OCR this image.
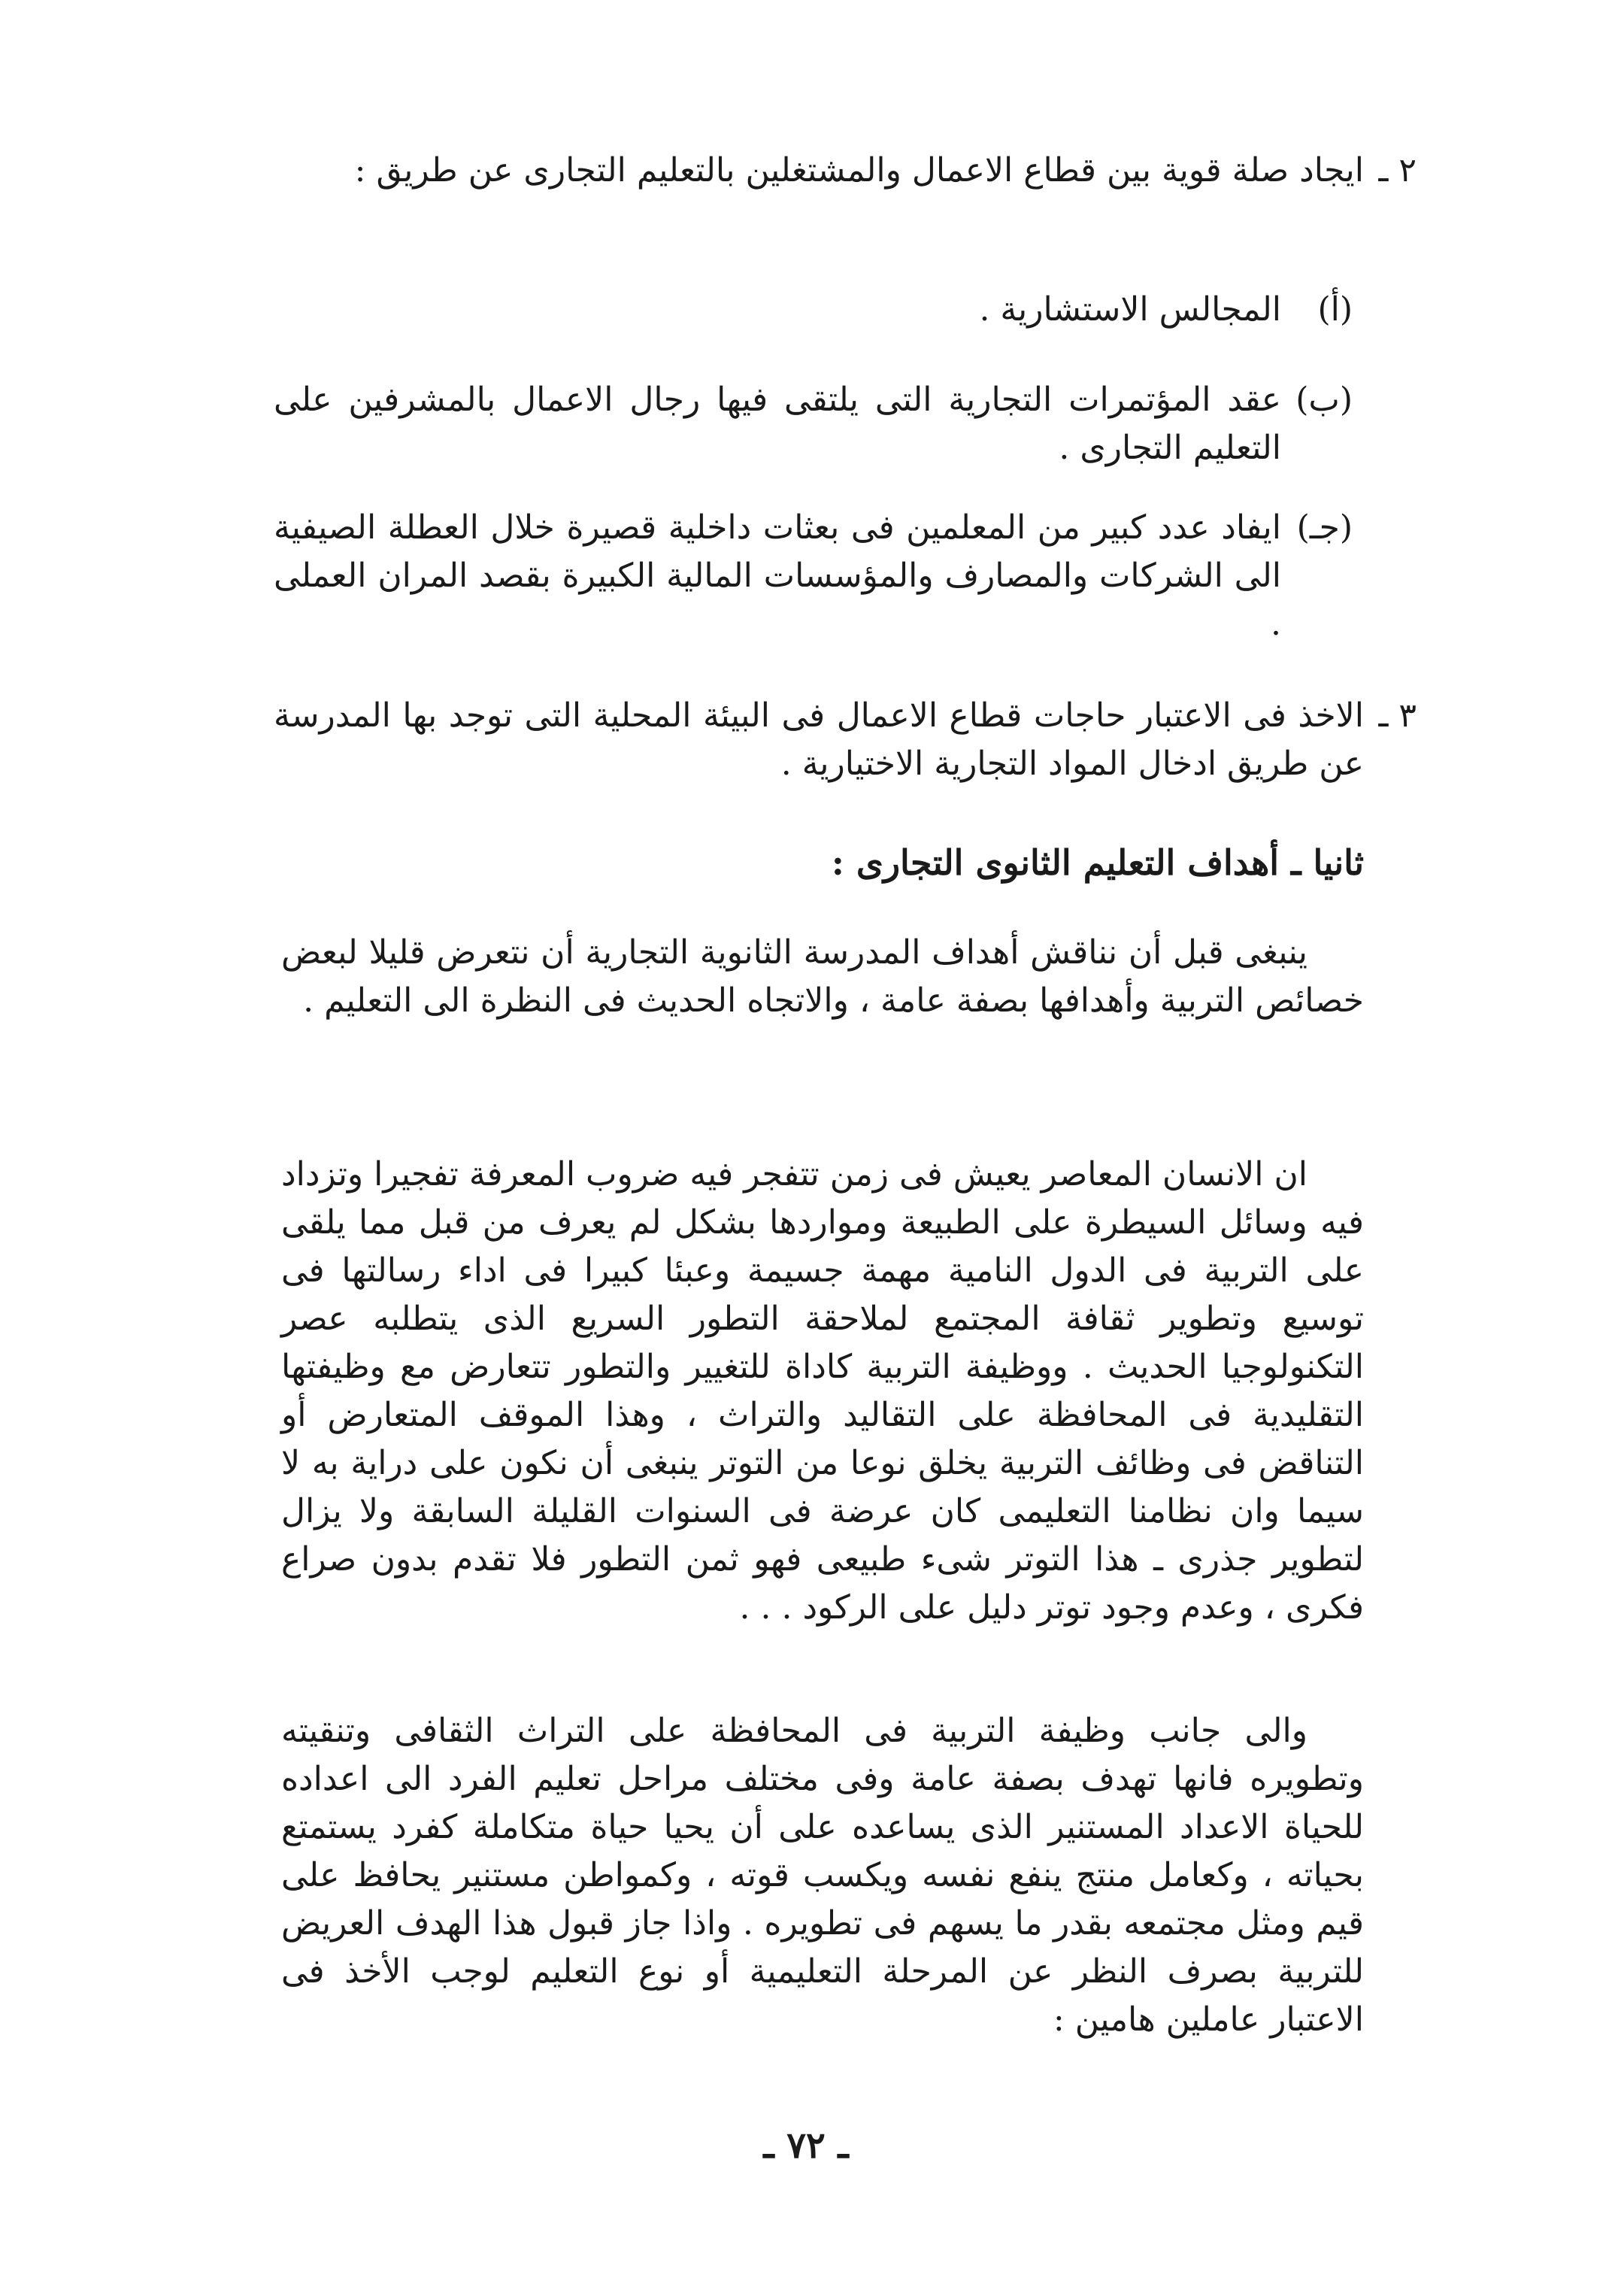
٢ ـ
ايجاد صلة قوية بين قطاع الاعمال والمشتغلين بالتعليم التجارى عن طريق :
(أ)
المجالس الاستشارية .
(ب)
عقد المؤتمرات التجارية التى يلتقى فيها رجال الاعمال بالمشرفين على التعليم التجارى .
(جـ)
ايفاد عدد كبير من المعلمين فى بعثات داخلية قصيرة خلال العطلة الصيفية الى الشركات والمصارف والمؤسسات المالية الكبيرة بقصد المران العملى .
٣ ـ
الاخذ فى الاعتبار حاجات قطاع الاعمال فى البيئة المحلية التى توجد بها المدرسة عن طريق ادخال المواد التجارية الاختيارية .
ثانيا ـ أهداف التعليم الثانوى التجارى :
ينبغى قبل أن نناقش أهداف المدرسة الثانوية التجارية أن نتعرض قليلا لبعض خصائص التربية وأهدافها بصفة عامة ، والاتجاه الحديث فى النظرة الى التعليم .
ان الانسان المعاصر يعيش فى زمن تتفجر فيه ضروب المعرفة تفجيرا وتزداد فيه وسائل السيطرة على الطبيعة ومواردها بشكل لم يعرف من قبل مما يلقى على التربية فى الدول النامية مهمة جسيمة وعبئا كبيرا فى اداء رسالتها فى توسيع وتطوير ثقافة المجتمع لملاحقة التطور السريع الذى يتطلبه عصر التكنولوجيا الحديث . ووظيفة التربية كاداة للتغيير والتطور تتعارض مع وظيفتها التقليدية فى المحافظة على التقاليد والتراث ، وهذا الموقف المتعارض أو التناقض فى وظائف التربية يخلق نوعا من التوتر ينبغى أن نكون على دراية به لا سيما وان نظامنا التعليمى كان عرضة فى السنوات القليلة السابقة ولا يزال لتطوير جذرى ـ هذا التوتر شىء طبيعى فهو ثمن التطور فلا تقدم بدون صراع فكرى ، وعدم وجود توتر دليل على الركود . . .
والى جانب وظيفة التربية فى المحافظة على التراث الثقافى وتنقيته وتطويره فانها تهدف بصفة عامة وفى مختلف مراحل تعليم الفرد الى اعداده للحياة الاعداد المستنير الذى يساعده على أن يحيا حياة متكاملة كفرد يستمتع بحياته ، وكعامل منتج ينفع نفسه ويكسب قوته ، وكمواطن مستنير يحافظ على قيم ومثل مجتمعه بقدر ما يسهم فى تطويره . واذا جاز قبول هذا الهدف العريض للتربية بصرف النظر عن المرحلة التعليمية أو نوع التعليم لوجب الأخذ فى الاعتبار عاملين هامين :
ـ ٧٢ ـ
